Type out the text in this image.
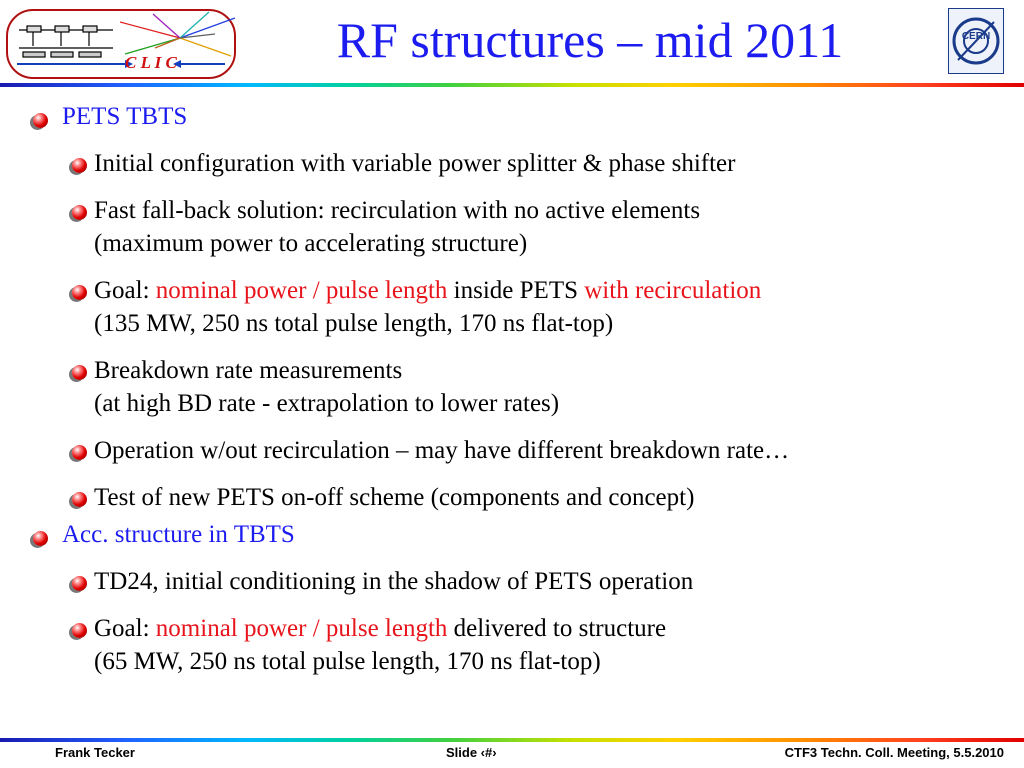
C L I C	RF structures – mid 2011	CERN
PETS TBTS
Initial configuration with variable power splitter & phase shifter
Fast fall-back solution: recirculation with no active elements
(maximum power to accelerating structure)
Goal: nominal power / pulse length inside PETS with recirculation
(135 MW, 250 ns total pulse length, 170 ns flat-top)
Breakdown rate measurements
(at high BD rate - extrapolation to lower rates)
Operation w/out recirculation – may have different breakdown rate…
Test of new PETS on-off scheme (components and concept)
Acc. structure in TBTS
TD24, initial conditioning in the shadow of PETS operation
Goal: nominal power / pulse length delivered to structure
(65 MW, 250 ns total pulse length, 170 ns flat-top)
Frank Tecker	Slide ‹#›	CTF3 Techn. Coll. Meeting, 5.5.2010
